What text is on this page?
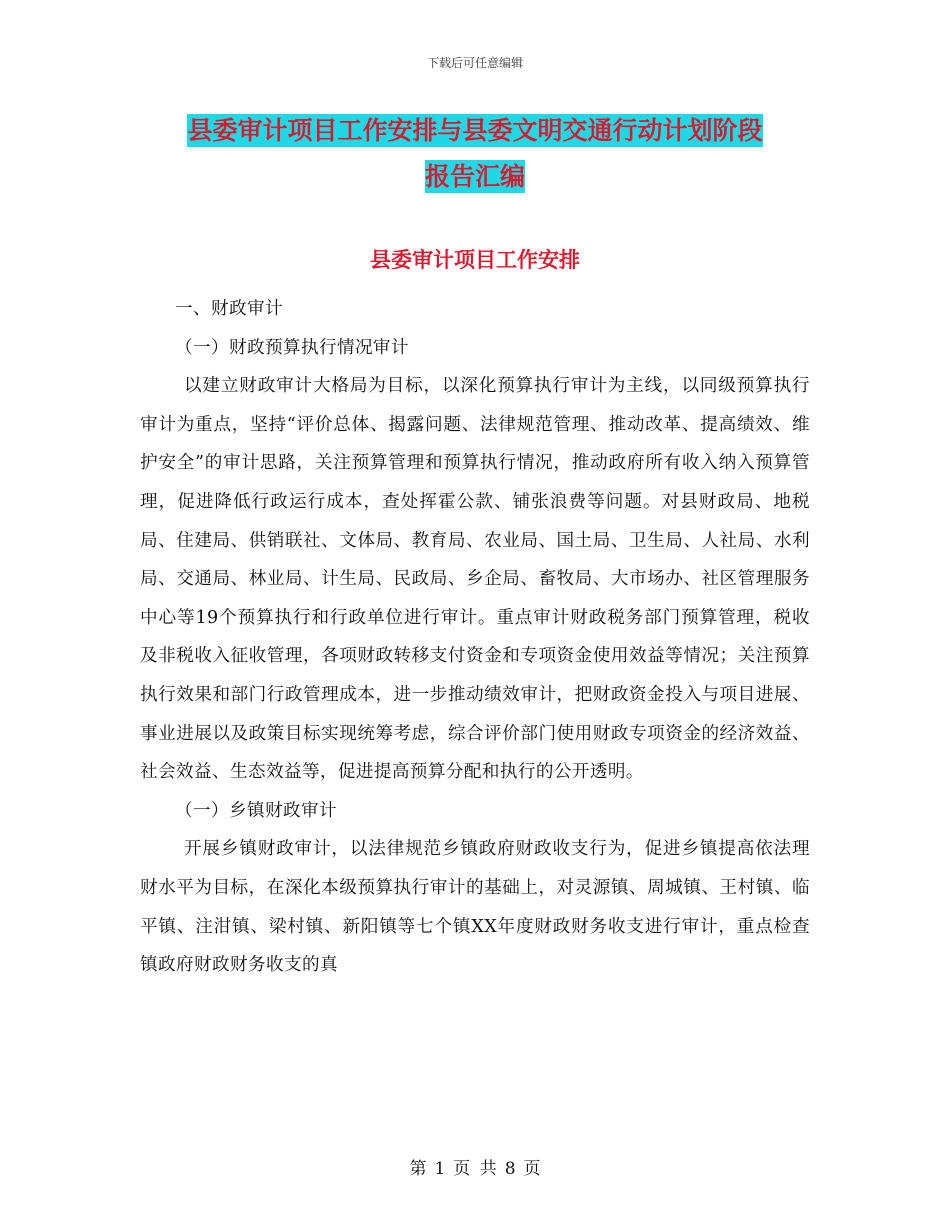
下载后可任意编辑
县委审计项目工作安排与县委文明交通行动计划阶段
报告汇编
县委审计项目工作安排

一、财政审计

（一）财政预算执行情况审计

以建立财政审计大格局为目标，以深化预算执行审计为主线，以同级预算执行审计为重点，坚持“评价总体、揭露问题、法律规范管理、推动改革、提高绩效、维护安全”的审计思路，关注预算管理和预算执行情况，推动政府所有收入纳入预算管理，促进降低行政运行成本，查处挥霍公款、铺张浪费等问题。对县财政局、地税局、住建局、供销联社、文体局、教育局、农业局、国土局、卫生局、人社局、水利局、交通局、林业局、计生局、民政局、乡企局、畜牧局、大市场办、社区管理服务中心等19个预算执行和行政单位进行审计。重点审计财政税务部门预算管理，税收及非税收入征收管理，各项财政转移支付资金和专项资金使用效益等情况；关注预算执行效果和部门行政管理成本，进一步推动绩效审计，把财政资金投入与项目进展、事业进展以及政策目标实现统筹考虑，综合评价部门使用财政专项资金的经济效益、社会效益、生态效益等，促进提高预算分配和执行的公开透明。

（一）乡镇财政审计

开展乡镇财政审计，以法律规范乡镇政府财政收支行为，促进乡镇提高依法理财水平为目标，在深化本级预算执行审计的基础上，对灵源镇、周城镇、王村镇、临平镇、注泔镇、梁村镇、新阳镇等七个镇XX年度财政财务收支进行审计，重点检查镇政府财政财务收支的真

第 1 页 共 8 页
